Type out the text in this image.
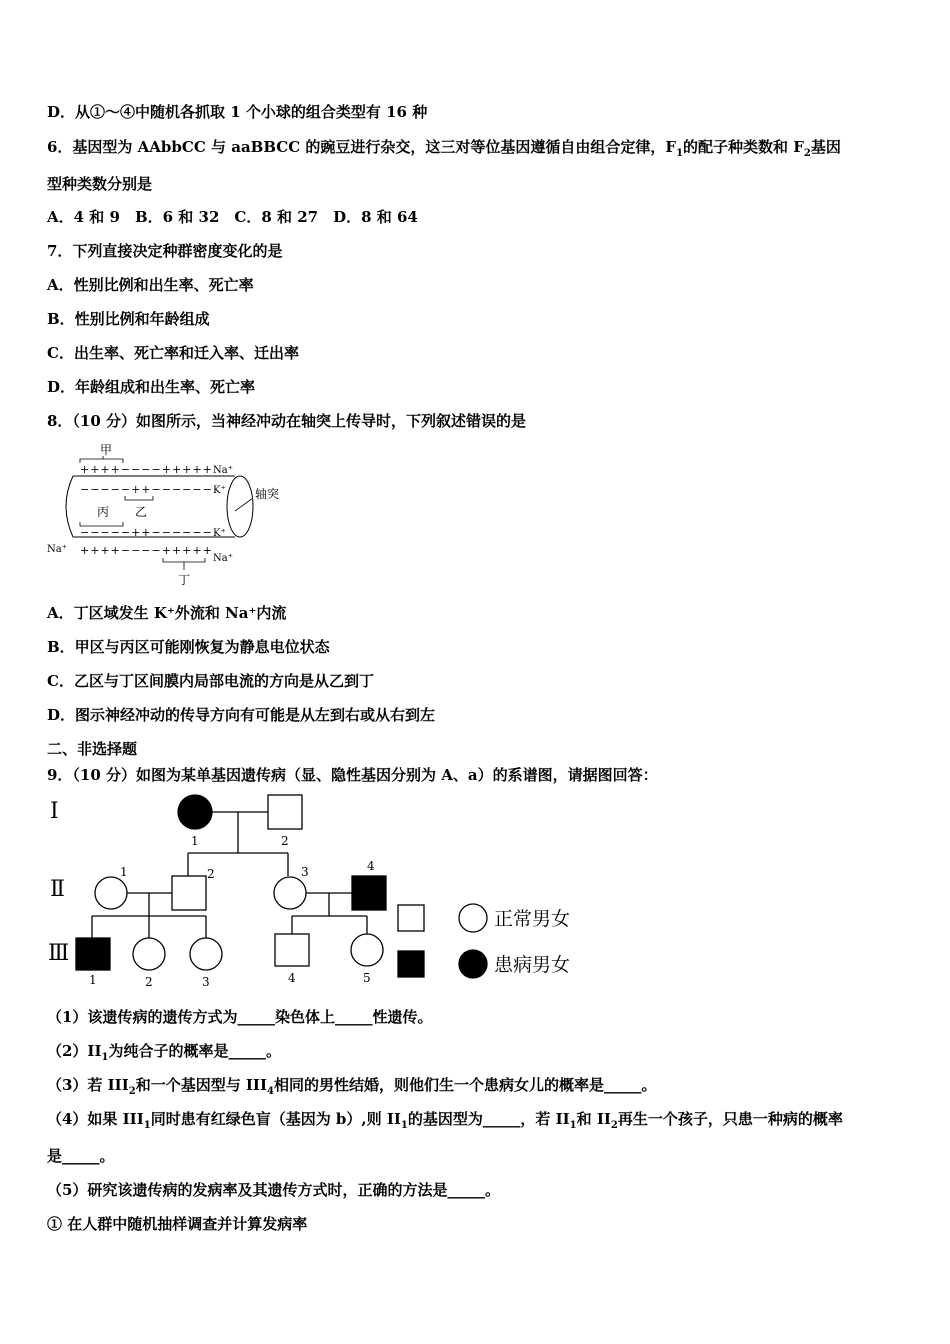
D．从①～④中随机各抓取 1 个小球的组合类型有 16 种
6．基因型为 AAbbCC 与 aaBBCC 的豌豆进行杂交，这三对等位基因遵循自由组合定律，$F_1$的配子种类数和 $F_2$基因
型种类数分别是
A．4 和 9　B．6 和 32　C．8 和 27　D．8 和 64
7．下列直接决定种群密度变化的是
A．性别比例和出生率、死亡率
B．性别比例和年龄组成
C．出生率、死亡率和迁入率、迁出率
D．年龄组成和出生率、死亡率
8．（10 分）如图所示，当神经冲动在轴突上传导时，下列叙述错误的是
轴突
甲
++++−−−−+++++ Na⁺
−−−−−++−−−−−− K⁺
乙
丙
−−−−−++−−−−−− K⁺
Na⁺ ++++−−−−+++++
Na⁺
丁
A．丁区域发生 K⁺外流和 Na⁺内流
B．甲区与丙区可能刚恢复为静息电位状态
C．乙区与丁区间膜内局部电流的方向是从乙到丁
D．图示神经冲动的传导方向有可能是从左到右或从右到左
二、非选择题
9．（10 分）如图为某单基因遗传病（显、隐性基因分别为 A、a）的系谱图，请据图回答：
Ⅰ
Ⅱ
Ⅲ
1	2
1	2	3	4
1	2	3	4	5
正常男女
患病男女
（1）该遗传病的遗传方式为_____染色体上_____性遗传。
$(2)II_1$为纯合子的概率是_____。
（3）若 $III_2$和一个基因型与 $III_4$相同的男性结婚，则他们生一个患病女儿的概率是_____。
（4）如果 $III_1$同时患有红绿色盲（基因为 b）,则 $II_1$的基因型为_____，若 $II_1$和 $II_2$再生一个孩子，只患一种病的概率
是_____。
（5）研究该遗传病的发病率及其遗传方式时，正确的方法是_____。
① 在人群中随机抽样调查并计算发病率
